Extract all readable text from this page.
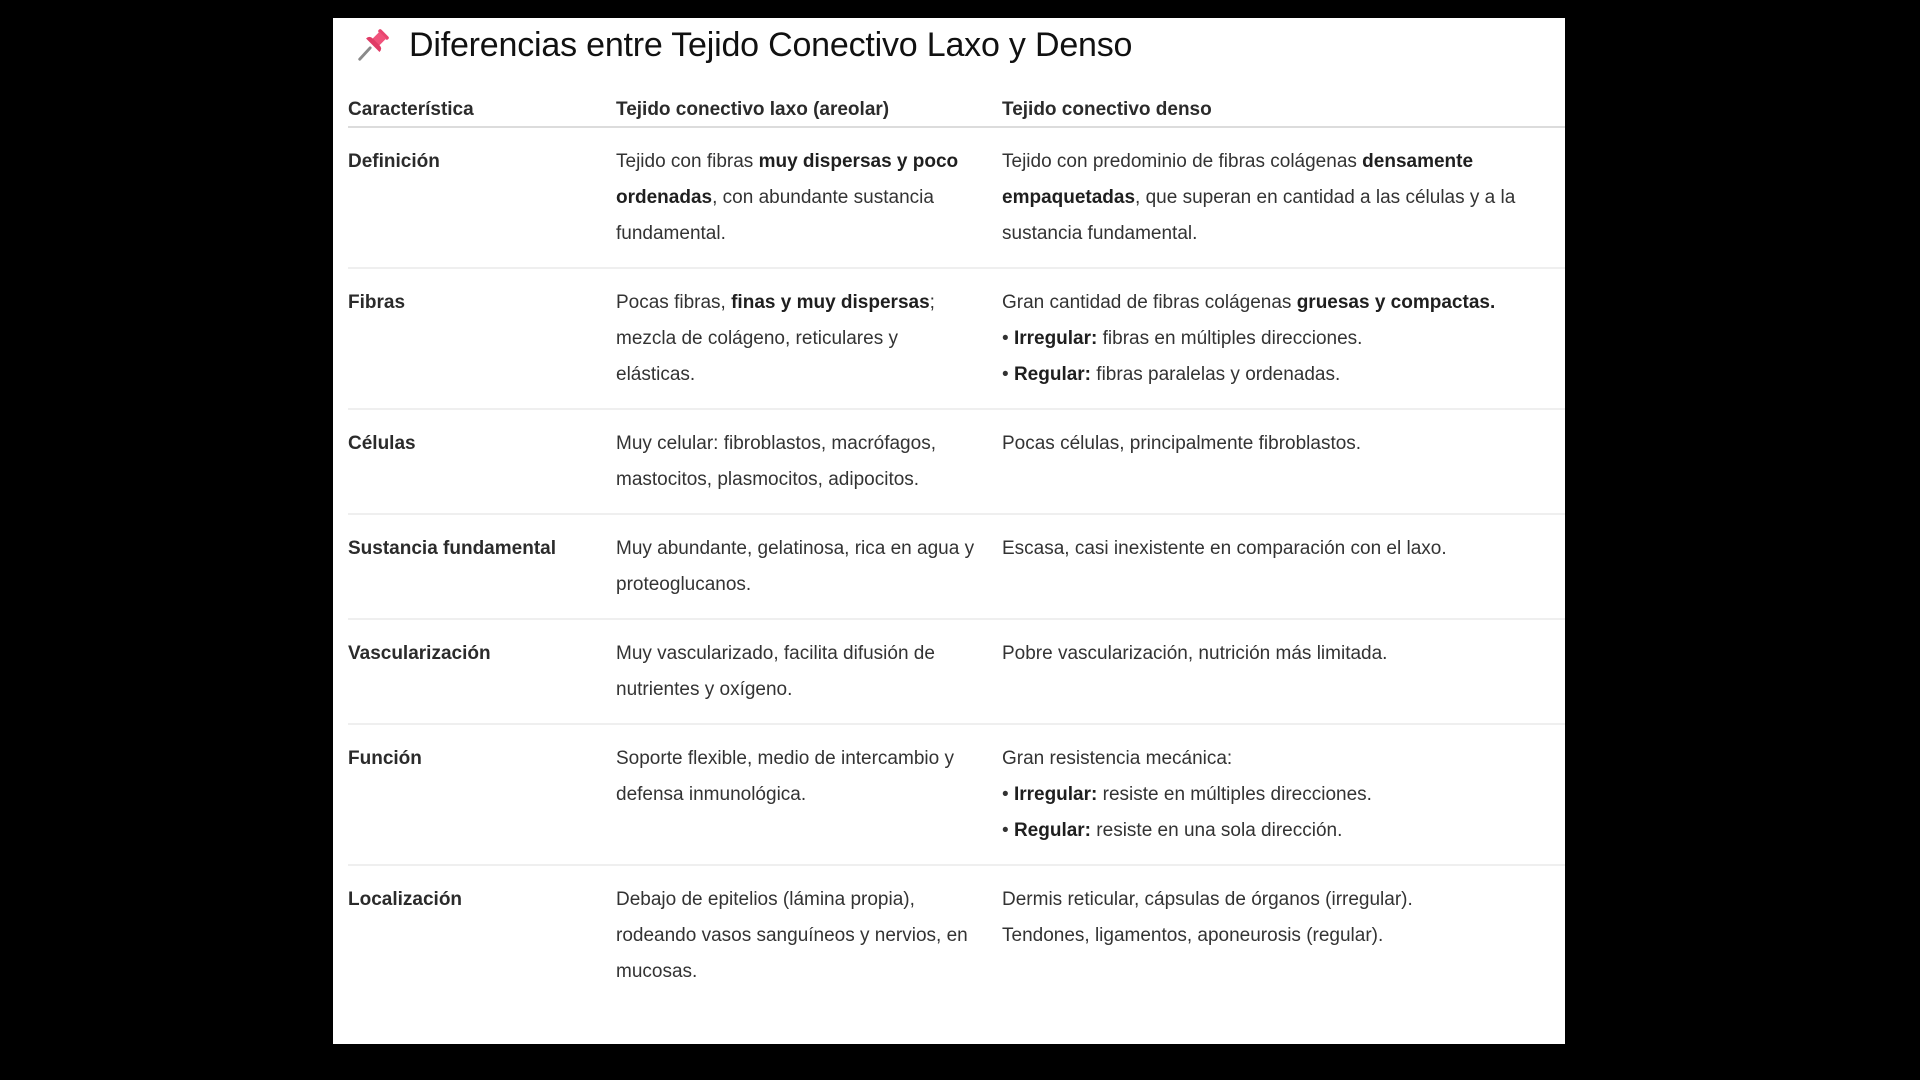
Diferencias entre Tejido Conectivo Laxo y Denso
Característica	Tejido conectivo laxo (areolar)	Tejido conectivo denso
Definición	Tejido con fibras muy dispersas y poco ordenadas, con abundante sustancia fundamental.	Tejido con predominio de fibras colágenas densamente empaquetadas, que superan en cantidad a las células y a la sustancia fundamental.
Fibras	Pocas fibras, finas y muy dispersas; mezcla de colágeno, reticulares y elásticas.	Gran cantidad de fibras colágenas gruesas y compactas.
• Irregular: fibras en múltiples direcciones.
• Regular: fibras paralelas y ordenadas.

Células	Muy celular: fibroblastos, macrófagos, mastocitos, plasmocitos, adipocitos.	Pocas células, principalmente fibroblastos.
Sustancia fundamental	Muy abundante, gelatinosa, rica en agua y proteoglucanos.	Escasa, casi inexistente en comparación con el laxo.
Vascularización	Muy vascularizado, facilita difusión de nutrientes y oxígeno.	Pobre vascularización, nutrición más limitada.
Función	Soporte flexible, medio de intercambio y defensa inmunológica.	Gran resistencia mecánica:
• Irregular: resiste en múltiples direcciones.
• Regular: resiste en una sola dirección.

Localización	Debajo de epitelios (lámina propia), rodeando vasos sanguíneos y nervios, en mucosas.	Dermis reticular, cápsulas de órganos (irregular).
Tendones, ligamentos, aponeurosis (regular).
